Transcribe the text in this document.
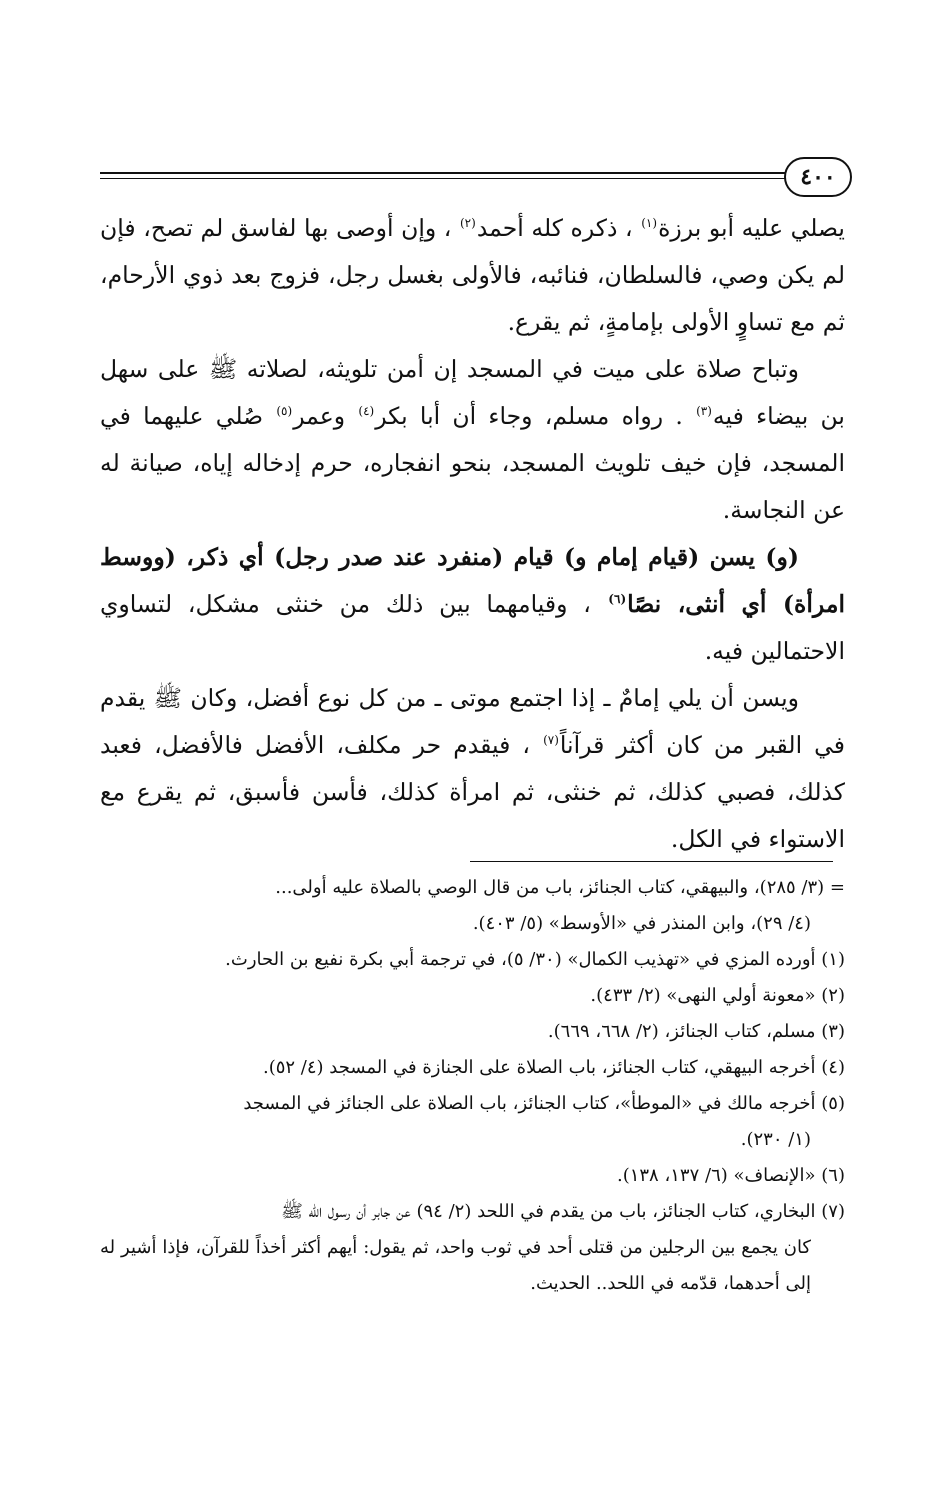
٤٠٠

يصلي عليه أبو برزة$^{(١)}$ ، ذكره كله أحمد$^{(٢)}$ ، وإن أوصى بها لفاسق لم تصح، فإن لم يكن وصي، فالسلطان، فنائبه، فالأولى بغسل رجل، فزوج بعد ذوي الأرحام، ثم مع تساوٍ الأولى بإمامةٍ، ثم يقرع.

وتباح صلاة على ميت في المسجد إن أمن تلويثه، لصلاته ﷺ على سهل بن بيضاء فيه$^{(٣)}$ . رواه مسلم، وجاء أن أبا بكر$^{(٤)}$ وعمر$^{(٥)}$ صُلي عليهما في المسجد، فإن خيف تلويث المسجد، بنحو انفجاره، حرم إدخاله إياه، صيانة له عن النجاسة.

(و) يسن (قيام إمام و) قيام (منفرد عند صدر رجل) أي ذكر، (ووسط امرأة) أي أنثى، نصًا$^{(٦)}$ ، وقيامهما بين ذلك من خنثى مشكل، لتساوي الاحتمالين فيه.

ويسن أن يلي إمامٌ ـ إذا اجتمع موتى ـ من كل نوع أفضل، وكان ﷺ يقدم في القبر من كان أكثر قرآناً$^{(٧)}$ ، فيقدم حر مكلف، الأفضل فالأفضل، فعبد كذلك، فصبي كذلك، ثم خنثى، ثم امرأة كذلك، فأسن فأسبق، ثم يقرع مع الاستواء في الكل.

= (٣/ ٢٨٥)، والبيهقي، كتاب الجنائز، باب من قال الوصي بالصلاة عليه أولى...

(٤/ ٢٩)، وابن المنذر في «الأوسط» (٥/ ٤٠٣).

(١) أورده المزي في «تهذيب الكمال» (٣٠/ ٥)، في ترجمة أبي بكرة نفيع بن الحارث.

(٢) «معونة أولي النهى» (٢/ ٤٣٣).

(٣) مسلم، كتاب الجنائز، (٢/ ٦٦٨، ٦٦٩).

(٤) أخرجه البيهقي، كتاب الجنائز، باب الصلاة على الجنازة في المسجد (٤/ ٥٢).

(٥) أخرجه مالك في «الموطأ»، كتاب الجنائز، باب الصلاة على الجنائز في المسجد

(١/ ٢٣٠).

(٦) «الإنصاف» (٦/ ١٣٧، ١٣٨).

(٧) البخاري، كتاب الجنائز، باب من يقدم في اللحد (٢/ ٩٤) عن جابر أن رسول الله ﷺ

كان يجمع بين الرجلين من قتلى أحد في ثوب واحد، ثم يقول: أيهم أكثر أخذاً للقرآن، فإذا أشير له إلى أحدهما، قدّمه في اللحد.. الحديث.
